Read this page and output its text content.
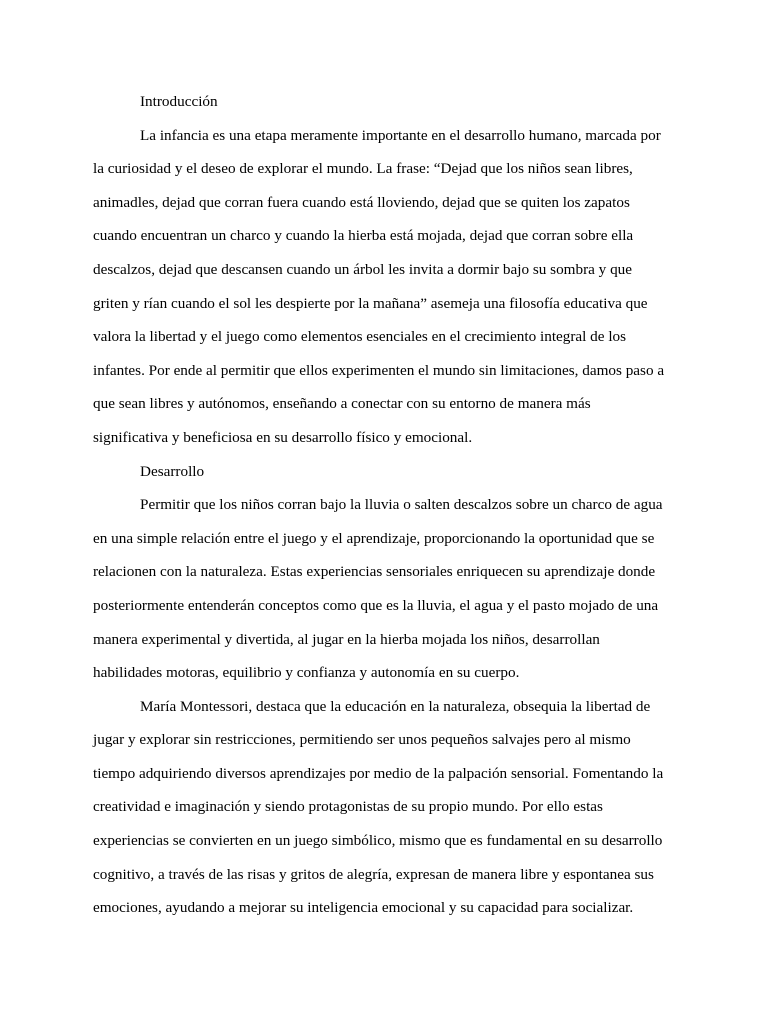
Introducción

La infancia es una etapa meramente importante en el desarrollo humano, marcada por
la curiosidad y el deseo de explorar el mundo. La frase: “Dejad que los niños sean libres,
animadles, dejad que corran fuera cuando está lloviendo, dejad que se quiten los zapatos
cuando encuentran un charco y cuando la hierba está mojada, dejad que corran sobre ella
descalzos, dejad que descansen cuando un árbol les invita a dormir bajo su sombra y que
griten y rían cuando el sol les despierte por la mañana” asemeja una filosofía educativa que
valora la libertad y el juego como elementos esenciales en el crecimiento integral de los
infantes. Por ende al permitir que ellos experimenten el mundo sin limitaciones, damos paso a
que sean libres y autónomos, enseñando a conectar con su entorno de manera más
significativa y beneficiosa en su desarrollo físico y emocional.

Desarrollo

Permitir que los niños corran bajo la lluvia o salten descalzos sobre un charco de agua
en una simple relación entre el juego y el aprendizaje, proporcionando la oportunidad que se
relacionen con la naturaleza. Estas experiencias sensoriales enriquecen su aprendizaje donde
posteriormente entenderán conceptos como que es la lluvia, el agua y el pasto mojado de una
manera experimental y divertida, al jugar en la hierba mojada los niños, desarrollan
habilidades motoras, equilibrio y confianza y autonomía en su cuerpo.

María Montessori, destaca que la educación en la naturaleza, obsequia la libertad de
jugar y explorar sin restricciones, permitiendo ser unos pequeños salvajes pero al mismo
tiempo adquiriendo diversos aprendizajes por medio de la palpación sensorial. Fomentando la
creatividad e imaginación y siendo protagonistas de su propio mundo. Por ello estas
experiencias se convierten en un juego simbólico, mismo que es fundamental en su desarrollo
cognitivo, a través de las risas y gritos de alegría, expresan de manera libre y espontanea sus
emociones, ayudando a mejorar su inteligencia emocional y su capacidad para socializar.
